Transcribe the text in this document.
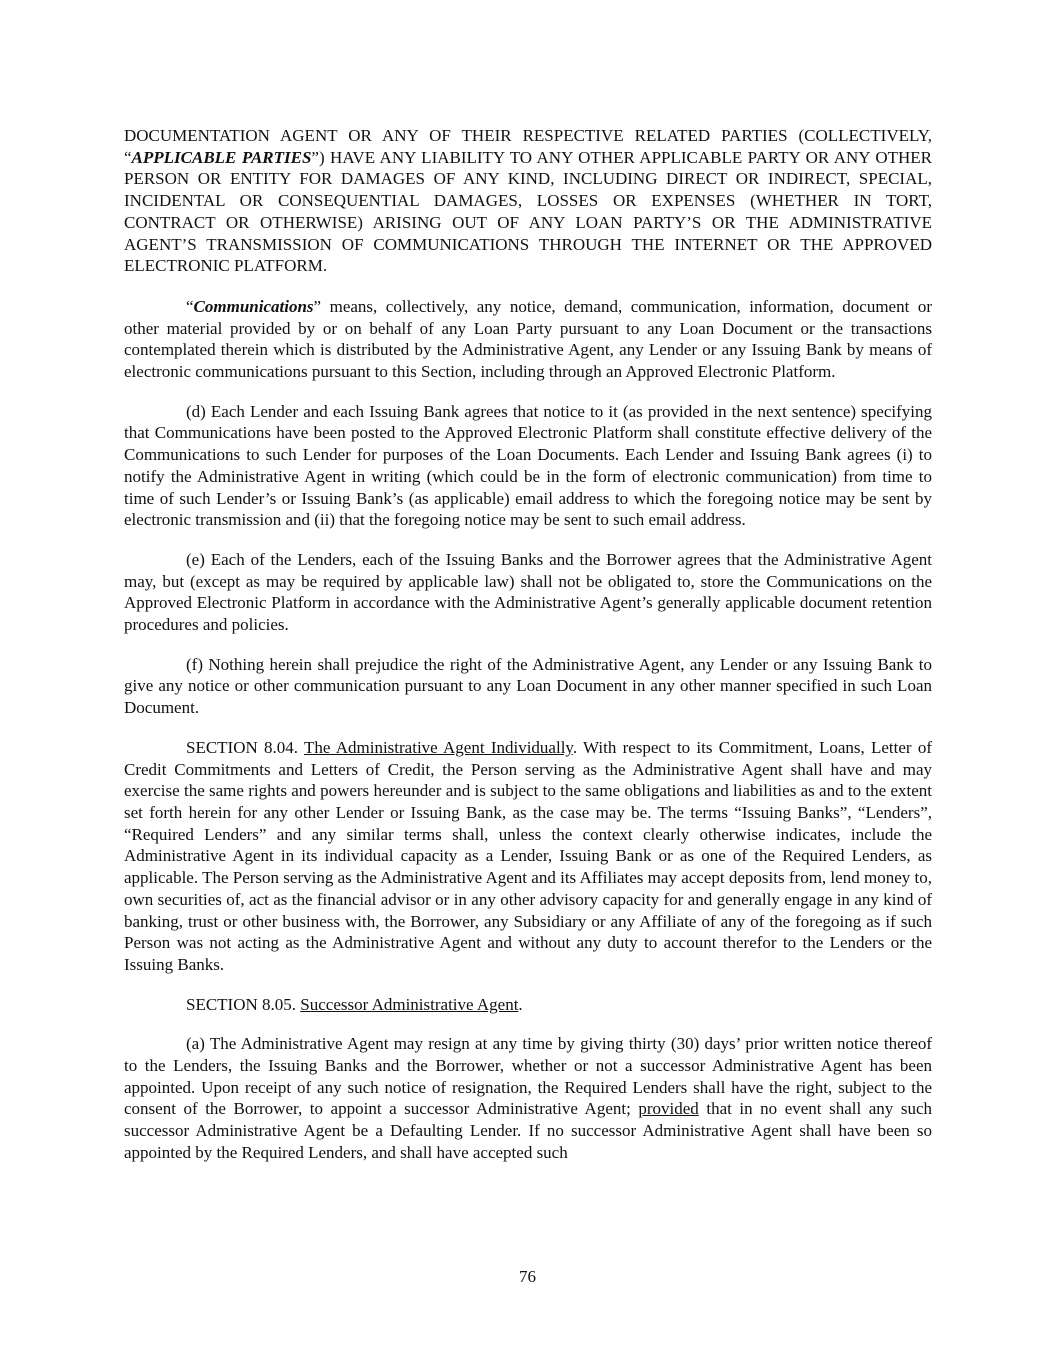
DOCUMENTATION AGENT OR ANY OF THEIR RESPECTIVE RELATED PARTIES (COLLECTIVELY, “APPLICABLE PARTIES”) HAVE ANY LIABILITY TO ANY OTHER APPLICABLE PARTY OR ANY OTHER PERSON OR ENTITY FOR DAMAGES OF ANY KIND, INCLUDING DIRECT OR INDIRECT, SPECIAL, INCIDENTAL OR CONSEQUENTIAL DAMAGES, LOSSES OR EXPENSES (WHETHER IN TORT, CONTRACT OR OTHERWISE) ARISING OUT OF ANY LOAN PARTY’S OR THE ADMINISTRATIVE AGENT’S TRANSMISSION OF COMMUNICATIONS THROUGH THE INTERNET OR THE APPROVED ELECTRONIC PLATFORM.

“Communications” means, collectively, any notice, demand, communication, information, document or other material provided by or on behalf of any Loan Party pursuant to any Loan Document or the transactions contemplated therein which is distributed by the Administrative Agent, any Lender or any Issuing Bank by means of electronic communications pursuant to this Section, including through an Approved Electronic Platform.

(d) Each Lender and each Issuing Bank agrees that notice to it (as provided in the next sentence) specifying that Communications have been posted to the Approved Electronic Platform shall constitute effective delivery of the Communications to such Lender for purposes of the Loan Documents. Each Lender and Issuing Bank agrees (i) to notify the Administrative Agent in writing (which could be in the form of electronic communication) from time to time of such Lender’s or Issuing Bank’s (as applicable) email address to which the foregoing notice may be sent by electronic transmission and (ii) that the foregoing notice may be sent to such email address.

(e) Each of the Lenders, each of the Issuing Banks and the Borrower agrees that the Administrative Agent may, but (except as may be required by applicable law) shall not be obligated to, store the Communications on the Approved Electronic Platform in accordance with the Administrative Agent’s generally applicable document retention procedures and policies.

(f) Nothing herein shall prejudice the right of the Administrative Agent, any Lender or any Issuing Bank to give any notice or other communication pursuant to any Loan Document in any other manner specified in such Loan Document.

SECTION 8.04. The Administrative Agent Individually. With respect to its Commitment, Loans, Letter of Credit Commitments and Letters of Credit, the Person serving as the Administrative Agent shall have and may exercise the same rights and powers hereunder and is subject to the same obligations and liabilities as and to the extent set forth herein for any other Lender or Issuing Bank, as the case may be. The terms “Issuing Banks”, “Lenders”, “Required Lenders” and any similar terms shall, unless the context clearly otherwise indicates, include the Administrative Agent in its individual capacity as a Lender, Issuing Bank or as one of the Required Lenders, as applicable. The Person serving as the Administrative Agent and its Affiliates may accept deposits from, lend money to, own securities of, act as the financial advisor or in any other advisory capacity for and generally engage in any kind of banking, trust or other business with, the Borrower, any Subsidiary or any Affiliate of any of the foregoing as if such Person was not acting as the Administrative Agent and without any duty to account therefor to the Lenders or the Issuing Banks.

SECTION 8.05. Successor Administrative Agent.

(a) The Administrative Agent may resign at any time by giving thirty (30) days’ prior written notice thereof to the Lenders, the Issuing Banks and the Borrower, whether or not a successor Administrative Agent has been appointed. Upon receipt of any such notice of resignation, the Required Lenders shall have the right, subject to the consent of the Borrower, to appoint a successor Administrative Agent; provided that in no event shall any such successor Administrative Agent be a Defaulting Lender. If no successor Administrative Agent shall have been so appointed by the Required Lenders, and shall have accepted such

76
